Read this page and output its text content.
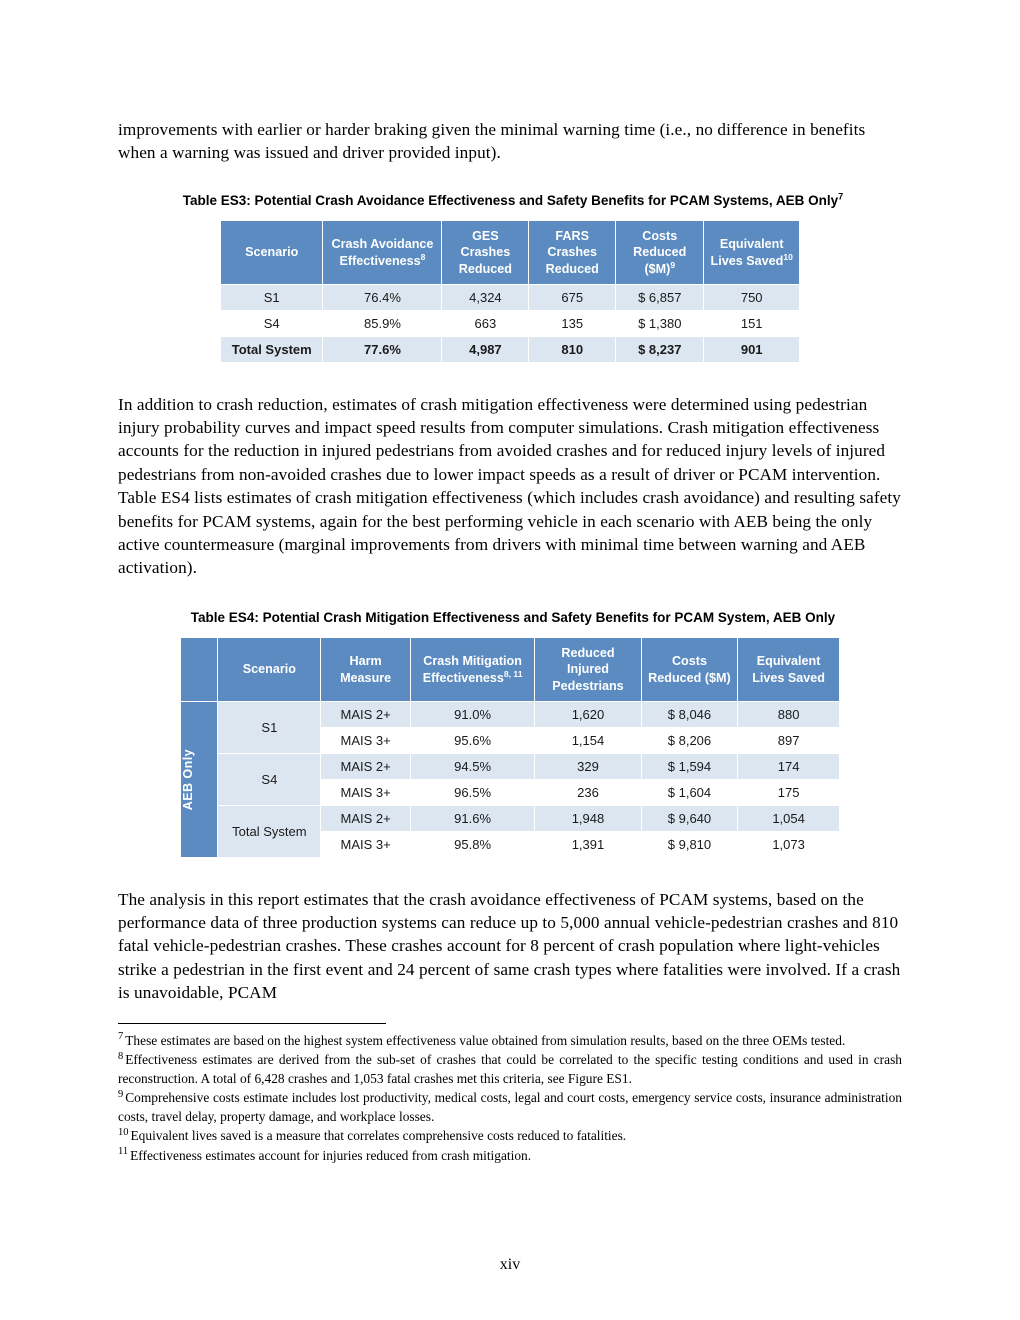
improvements with earlier or harder braking given the minimal warning time (i.e., no difference in benefits when a warning was issued and driver provided input).

Table ES3: Potential Crash Avoidance Effectiveness and Safety Benefits for PCAM Systems, AEB Only$^7$
Scenario	Crash Avoidance Effectiveness$^8$	GES Crashes Reduced	FARS Crashes Reduced	Costs Reduced ($M)$^9$	Equivalent Lives Saved$^{10}$
S1	76.4%	4,324	675	$ 6,857	750
S4	85.9%	663	135	$ 1,380	151
Total System	77.6%	4,987	810	$ 8,237	901

In addition to crash reduction, estimates of crash mitigation effectiveness were determined using pedestrian injury probability curves and impact speed results from computer simulations. Crash mitigation effectiveness accounts for the reduction in injured pedestrians from avoided crashes and for reduced injury levels of injured pedestrians from non-avoided crashes due to lower impact speeds as a result of driver or PCAM intervention. Table ES4 lists estimates of crash mitigation effectiveness (which includes crash avoidance) and resulting safety benefits for PCAM systems, again for the best performing vehicle in each scenario with AEB being the only active countermeasure (marginal improvements from drivers with minimal time between warning and AEB activation).

Table ES4: Potential Crash Mitigation Effectiveness and Safety Benefits for PCAM System, AEB Only
	Scenario	Harm Measure	Crash Mitigation Effectiveness$^{8, 11}$	Reduced Injured Pedestrians	Costs Reduced ($M)	Equivalent Lives Saved

AEB Only	S1	MAIS 2+	91.0%	1,620	$ 8,046	880
		MAIS 3+	95.6%	1,154	$ 8,206	897
	S4	MAIS 2+	94.5%	329	$ 1,594	174
		MAIS 3+	96.5%	236	$ 1,604	175
	Total System	MAIS 2+	91.6%	1,948	$ 9,640	1,054
		MAIS 3+	95.8%	1,391	$ 9,810	1,073

The analysis in this report estimates that the crash avoidance effectiveness of PCAM systems, based on the performance data of three production systems can reduce up to 5,000 annual vehicle-pedestrian crashes and 810 fatal vehicle-pedestrian crashes. These crashes account for 8 percent of crash population where light-vehicles strike a pedestrian in the first event and 24 percent of same crash types where fatalities were involved. If a crash is unavoidable, PCAM

$^7$ These estimates are based on the highest system effectiveness value obtained from simulation results, based on the three OEMs tested.

$^8$ Effectiveness estimates are derived from the sub-set of crashes that could be correlated to the specific testing conditions and used in crash reconstruction. A total of 6,428 crashes and 1,053 fatal crashes met this criteria, see Figure ES1.

$^9$ Comprehensive costs estimate includes lost productivity, medical costs, legal and court costs, emergency service costs, insurance administration costs, travel delay, property damage, and workplace losses.

$^{10}$ Equivalent lives saved is a measure that correlates comprehensive costs reduced to fatalities.

$^{11}$ Effectiveness estimates account for injuries reduced from crash mitigation.

xiv
